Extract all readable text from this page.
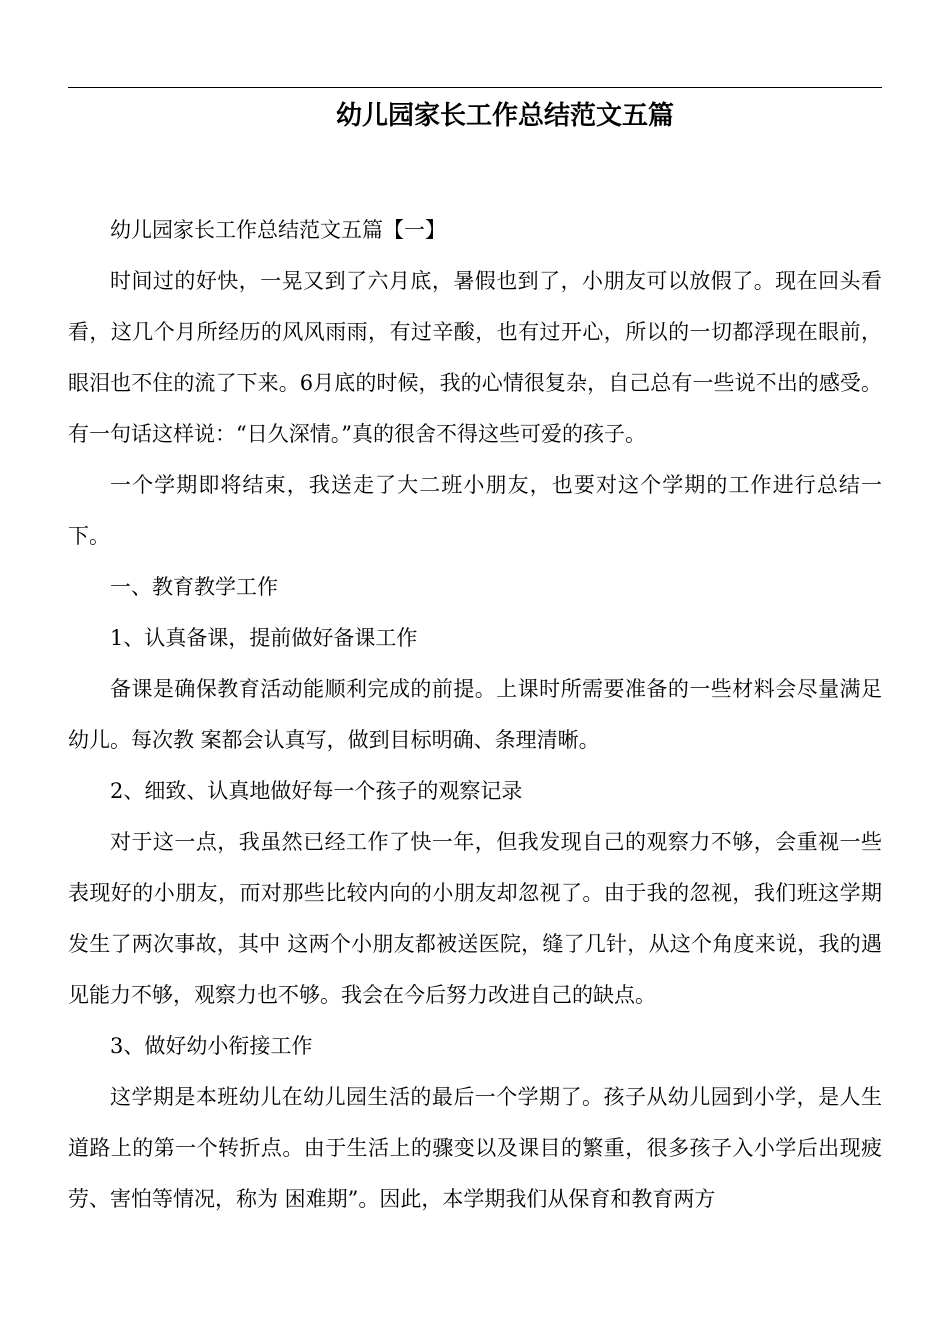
幼儿园家长工作总结范文五篇

幼儿园家长工作总结范文五篇【一】

时间过的好快，一晃又到了六月底，暑假也到了，小朋友可以放假了。现在回头看看，这几个月所经历的风风雨雨，有过辛酸，也有过开心，所以的一切都浮现在眼前，眼泪也不住的流了下来。6月底的时候，我的心情很复杂，自己总有一些说不出的感受。有一句话这样说：“日久深情。”真的很舍不得这些可爱的孩子。

一个学期即将结束，我送走了大二班小朋友，也要对这个学期的工作进行总结一下。

一、教育教学工作

1、认真备课，提前做好备课工作

备课是确保教育活动能顺利完成的前提。上课时所需要准备的一些材料会尽量满足幼儿。每次教 案都会认真写，做到目标明确、条理清晰。

2、细致、认真地做好每一个孩子的观察记录

对于这一点，我虽然已经工作了快一年，但我发现自己的观察力不够，会重视一些表现好的小朋友，而对那些比较内向的小朋友却忽视了。由于我的忽视，我们班这学期发生了两次事故，其中 这两个小朋友都被送医院，缝了几针，从这个角度来说，我的遇见能力不够，观察力也不够。我会在今后努力改进自己的缺点。

3、做好幼小衔接工作

这学期是本班幼儿在幼儿园生活的最后一个学期了。孩子从幼儿园到小学，是人生道路上的第一个转折点。由于生活上的骤变以及课目的繁重，很多孩子入小学后出现疲劳、害怕等情况，称为 困难期”。因此，本学期我们从保育和教育两方
